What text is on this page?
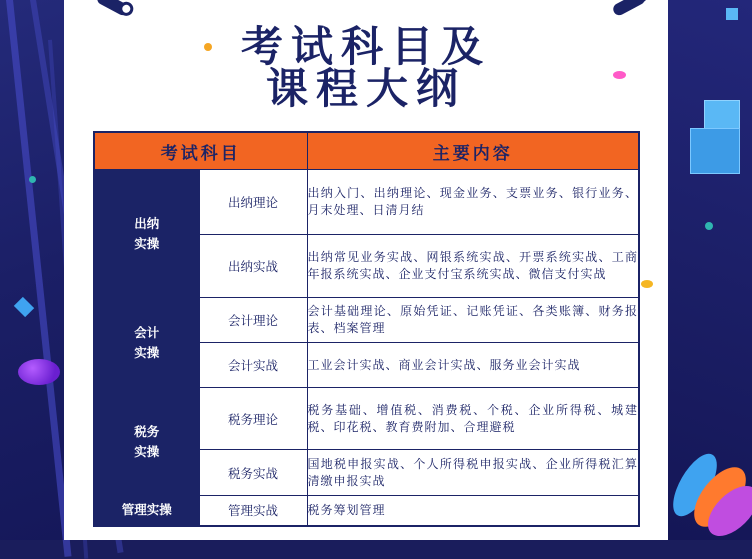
考试科目及
课程大纲
考试科目		主要内容

出纳
实操	出纳理论	出纳入门、出纳理论、现金业务、支票业务、银行业务、月末处理、日清月结
	出纳实战	出纳常见业务实战、网银系统实战、开票系统实战、工商年报系统实战、企业支付宝系统实战、微信支付实战

会计
实操	会计理论	会计基础理论、原始凭证、记账凭证、各类账簿、财务报表、档案管理
	会计实战	工业会计实战、商业会计实战、服务业会计实战

税务
实操	税务理论	税务基础、增值税、消费税、个税、企业所得税、城建税、印花税、教育费附加、合理避税
	税务实战	国地税申报实战、个人所得税申报实战、企业所得税汇算清缴申报实战
管理实操	管理实战	税务筹划管理
